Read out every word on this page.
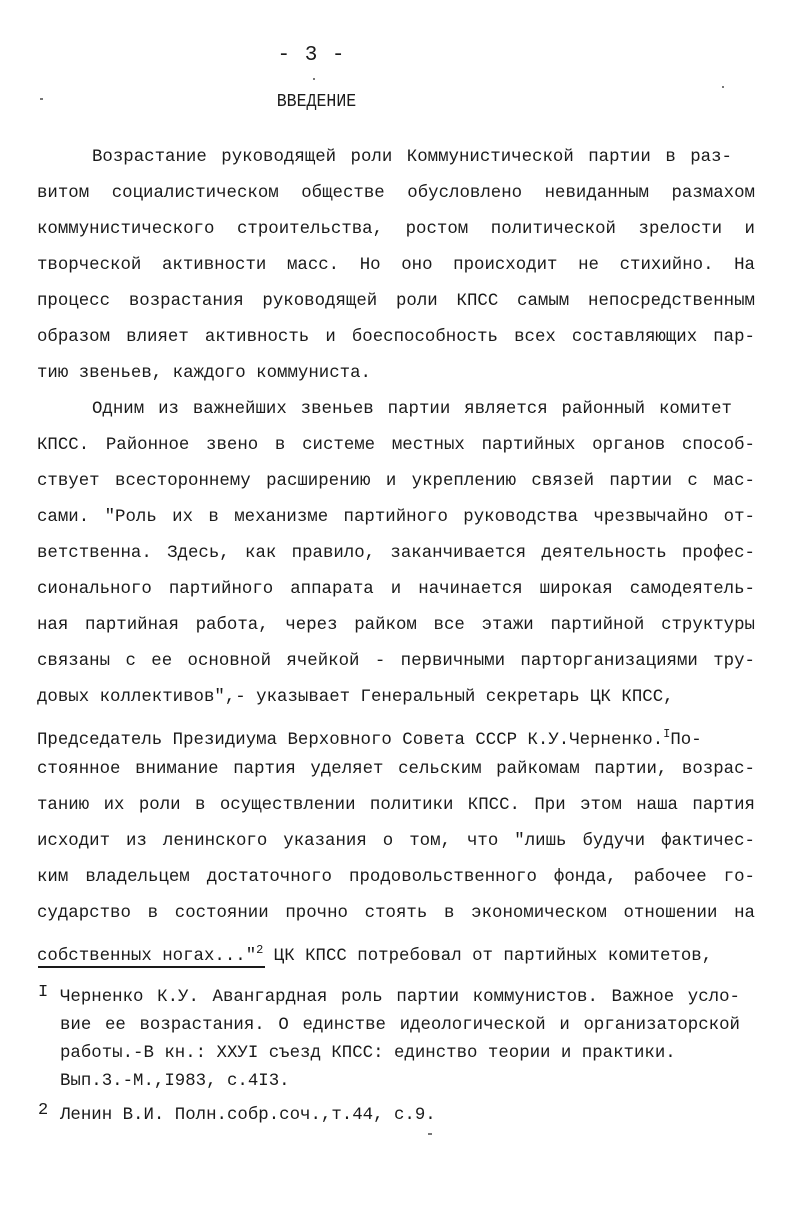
- 3 -
ВВЕДЕНИЕ
Возрастание руководящей роли Коммунистической партии в раз-
витом социалистическом обществе обусловлено невиданным размахом
коммунистического строительства, ростом политической зрелости и
творческой активности масс. Но оно происходит не стихийно. На
процесс возрастания руководящей роли КПСС самым непосредственным
образом влияет активность и боеспособность всех составляющих пар-
тию звеньев, каждого коммуниста.
Одним из важнейших звеньев партии является районный комитет
КПСС. Районное звено в системе местных партийных органов способ-
ствует всестороннему расширению и укреплению связей партии с мас-
сами. "Роль их в механизме партийного руководства чрезвычайно от-
ветственна. Здесь, как правило, заканчивается деятельность профес-
сионального партийного аппарата и начинается широкая самодеятель-
ная партийная работа, через райком все этажи партийной структуры
связаны с ее основной ячейкой - первичными парторганизациями тру-
довых коллективов",- указывает Генеральный секретарь ЦК КПСС,
Председатель Президиума Верховного Совета СССР К.У.Черненко.$^I$По-
стоянное внимание партия уделяет сельским райкомам партии, возрас-
танию их роли в осуществлении политики КПСС. При этом наша партия
исходит из ленинского указания о том, что "лишь будучи фактичес-
ким владельцем достаточного продовольственного фонда, рабочее го-
сударство в состоянии прочно стоять в экономическом отношении на
собственных ногах..."$^2$ ЦК КПСС потребовал от партийных комитетов,
I Черненко К.У. Авангардная роль партии коммунистов. Важное усло-
вие ее возрастания. О единстве идеологической и организаторской
работы.-В кн.: ХХУI съезд КПСС: единство теории и практики.
Вып.3.-М.,I983, с.4I3.
2 Ленин В.И. Полн.собр.соч.,т.44, с.9.
